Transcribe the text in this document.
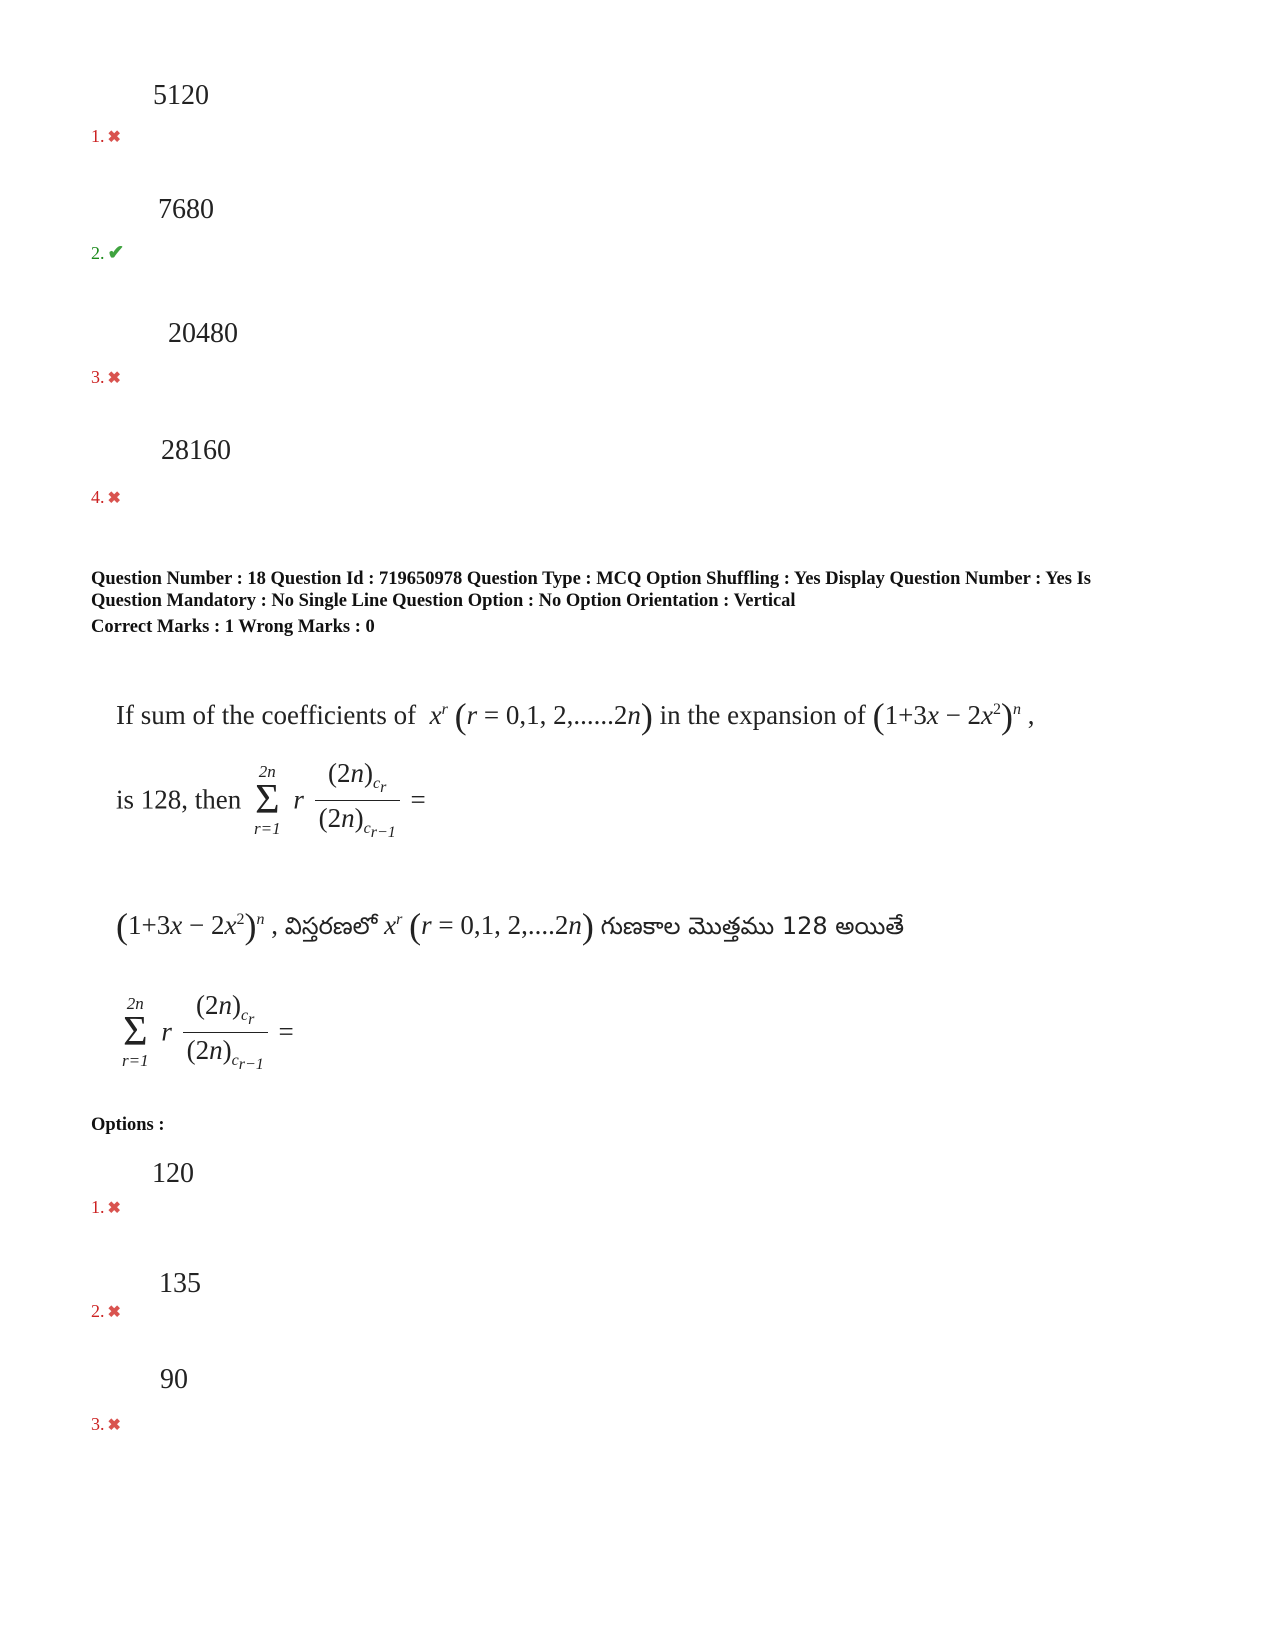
5120
1. ✖
7680
2. ✔
20480
3. ✖
28160
4. ✖
Question Number : 18 Question Id : 719650978 Question Type : MCQ Option Shuffling : Yes Display Question Number : Yes Is
Question Mandatory : No Single Line Question Option : No Option Orientation : Vertical
Correct Marks : 1 Wrong Marks : 0
If sum of the coefficients of  $x^r$ (r = 0,1, 2,......2n) in the expansion of $(1+3x - 2x^2)^n$ ,
is 128, then
2n
Σ
r=1
r $\frac{(2n)_{c_r}}{(2n)_{c_{r-1}}}$ =
$(1+3x - 2x^2)^n$ , విస్తరణలో $x^r$ (r = 0,1, 2,....2n) గుణకాల మొత్తము 128 అయితే
2n
Σ
r=1
r $\frac{(2n)_{c_r}}{(2n)_{c_{r-1}}}$ =
Options :
120
1. ✖
135
2. ✖
90
3. ✖
